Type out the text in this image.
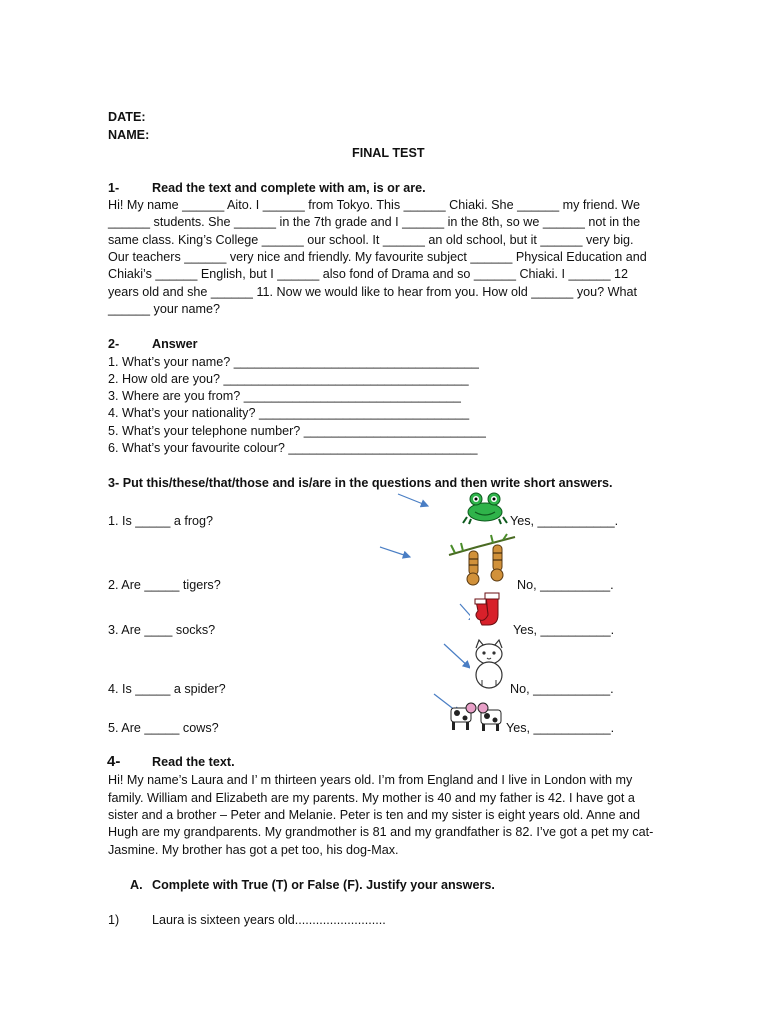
DATE:
NAME:
FINAL TEST
1-	Read the text and complete with am, is or are.
Hi! My name ______ Aito. I ______ from Tokyo. This ______ Chiaki. She ______ my friend. We
______ students. She ______ in the 7th grade and I ______ in the 8th, so we ______ not in the
same class. King’s College ______ our school. It ______ an old school, but it ______ very big.
Our teachers ______ very nice and friendly. My favourite subject ______ Physical Education and
Chiaki’s ______ English, but I ______ also fond of Drama and so ______ Chiaki. I ______ 12
years old and she ______ 11. Now we would like to hear from you. How old ______ you? What
______ your name?
2-	Answer
1. What’s your name? ___________________________________
2. How old are you? ___________________________________
3. Where are you from? _______________________________
4. What’s your nationality? ______________________________
5. What’s your telephone number? __________________________
6. What’s your favourite colour? ___________________________
3- Put this/these/that/those and is/are in the questions and then write short answers.
1. Is _____ a frog?	Yes, ___________.
2. Are _____ tigers?	No, __________.
3. Are ____ socks?	Yes, __________.
4. Is _____ a spider?	No, ___________.
5. Are _____ cows?	Yes, ___________.
4-	Read the text.
Hi! My name’s Laura and I’ m thirteen years old. I’m from England and I live in London with my
family. William and Elizabeth are my parents. My mother is 40 and my father is 42. I have got a
sister and a brother – Peter and Melanie. Peter is ten and my sister is eight years old. Anne and
Hugh are my grandparents. My grandmother is 81 and my grandfather is 82. I’ve got a pet my cat-
Jasmine. My brother has got a pet too, his dog-Max.
A. Complete with True (T) or False (F). Justify your answers.
1)	Laura is sixteen years old..........................
